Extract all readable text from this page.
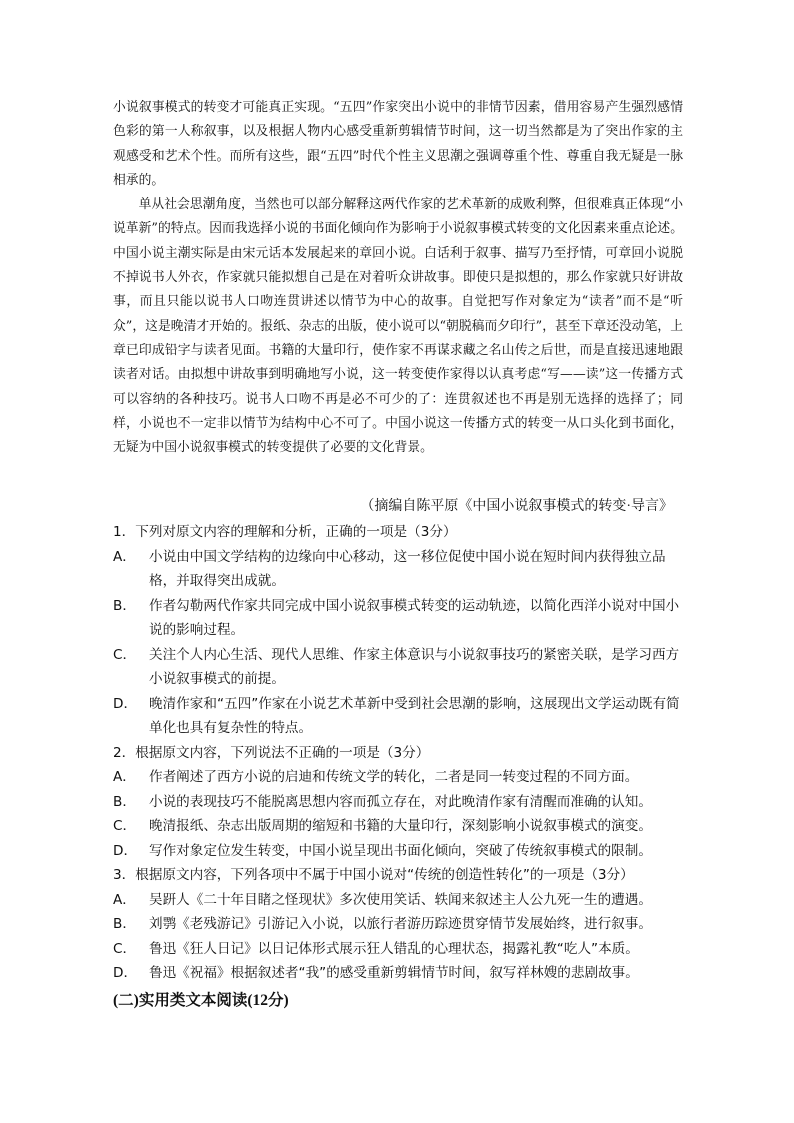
小说叙事模式的转变才可能真正实现。“五四”作家突出小说中的非情节因素，借用容易产生强烈感情色彩的第一人称叙事，以及根据人物内心感受重新剪辑情节时间，这一切当然都是为了突出作家的主观感受和艺术个性。而所有这些，跟“五四”时代个性主义思潮之强调尊重个性、尊重自我无疑是一脉相承的。

单从社会思潮角度，当然也可以部分解释这两代作家的艺术革新的成败利弊，但很难真正体现“小说革新”的特点。因而我选择小说的书面化倾向作为影响于小说叙事模式转变的文化因素来重点论述。中国小说主潮实际是由宋元话本发展起来的章回小说。白话利于叙事、描写乃至抒情，可章回小说脱不掉说书人外衣，作家就只能拟想自己是在对着听众讲故事。即使只是拟想的，那么作家就只好讲故事，而且只能以说书人口吻连贯讲述以情节为中心的故事。自觉把写作对象定为“读者”而不是“听众”，这是晚清才开始的。报纸、杂志的出版，使小说可以“朝脱稿而夕印行”，甚至下章还没动笔，上章已印成铅字与读者见面。书籍的大量印行，使作家不再谋求藏之名山传之后世，而是直接迅速地跟读者对话。由拟想中讲故事到明确地写小说，这一转变使作家得以认真考虑“写——读”这一传播方式可以容纳的各种技巧。说书人口吻不再是必不可少的了：连贯叙述也不再是别无选择的选择了；同样，小说也不一定非以情节为结构中心不可了。中国小说这一传播方式的转变一从口头化到书面化，无疑为中国小说叙事模式的转变提供了必要的文化背景。

（摘编自陈平原《中国小说叙事模式的转变·导言》
1．下列对原文内容的理解和分析，正确的一项是（3分）
A． 小说由中国文学结构的边缘向中心移动，这一移位促使中国小说在短时间内获得独立品格，并取得突出成就。
B． 作者勾勒两代作家共同完成中国小说叙事模式转变的运动轨迹，以简化西洋小说对中国小说的影响过程。
C． 关注个人内心生活、现代人思维、作家主体意识与小说叙事技巧的紧密关联，是学习西方小说叙事模式的前提。
D． 晚清作家和“五四”作家在小说艺术革新中受到社会思潮的影响，这展现出文学运动既有简单化也具有复杂性的特点。
2．根据原文内容，下列说法不正确的一项是（3分）
A． 作者阐述了西方小说的启迪和传统文学的转化，二者是同一转变过程的不同方面。
B． 小说的表现技巧不能脱离思想内容而孤立存在，对此晚清作家有清醒而准确的认知。
C． 晚清报纸、杂志出版周期的缩短和书籍的大量印行，深刻影响小说叙事模式的演变。
D． 写作对象定位发生转变，中国小说呈现出书面化倾向，突破了传统叙事模式的限制。
3．根据原文内容，下列各项中不属于中国小说对“传统的创造性转化”的一项是（3分）
A． 吴趼人《二十年目睹之怪现状》多次使用笑话、轶闻来叙述主人公九死一生的遭遇。
B． 刘鹗《老残游记》引游记入小说，以旅行者游历踪迹贯穿情节发展始终，进行叙事。
C． 鲁迅《狂人日记》以日记体形式展示狂人错乱的心理状态，揭露礼教“吃人”本质。
D． 鲁迅《祝福》根据叙述者“我”的感受重新剪辑情节时间，叙写祥林嫂的悲剧故事。
(二)实用类文本阅读(12分)
